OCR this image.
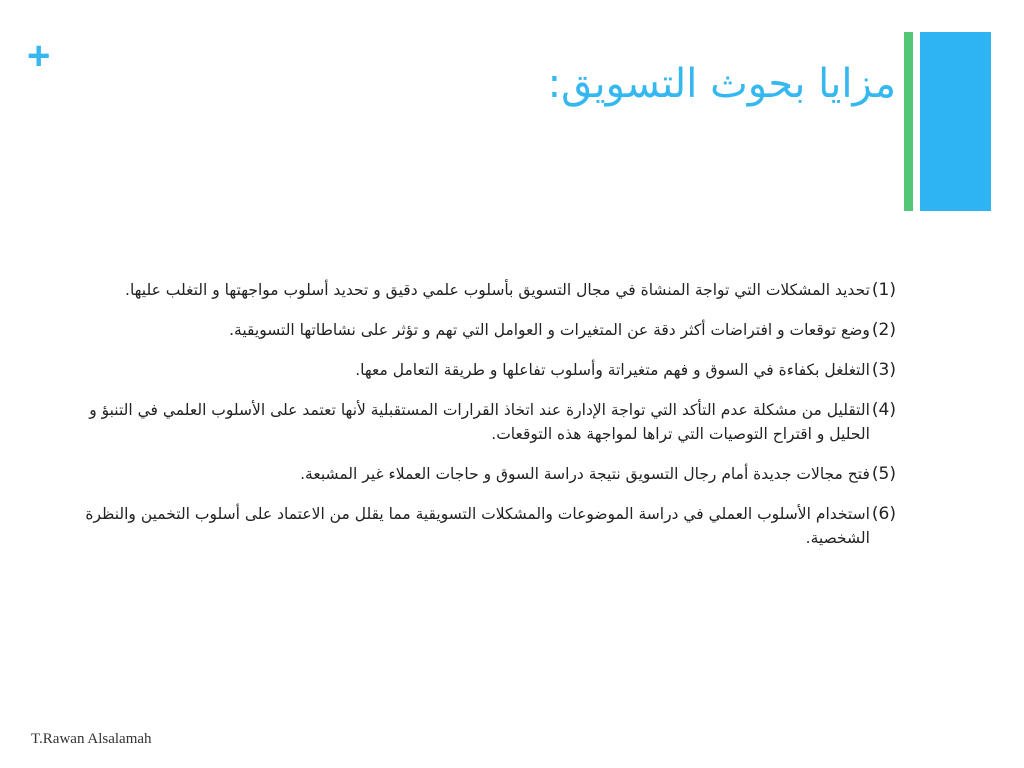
+
مزايا بحوث التسويق:
(1)
تحديد المشكلات التي تواجة المنشاة في مجال التسويق بأسلوب علمي دقيق و تحديد أسلوب مواجهتها و التغلب عليها.
(2)
وضع توقعات و افتراضات أكثر دقة عن المتغيرات و العوامل التي تهم و تؤثر على نشاطاتها التسويقية.
(3)
التغلغل بكفاءة في السوق و فهم متغيراتة وأسلوب تفاعلها و طريقة التعامل معها.
(4)
التقليل من مشكلة عدم التأكد التي تواجة الإدارة عند اتخاذ القرارات المستقبلية لأنها تعتمد على الأسلوب العلمي في التنبؤ و الحليل و اقتراح التوصيات التي تراها لمواجهة هذه التوقعات.
(5)
فتح مجالات جديدة أمام رجال التسويق نتيجة دراسة السوق و حاجات العملاء غير المشبعة.
(6)
استخدام الأسلوب العملي في دراسة الموضوعات والمشكلات التسويقية مما يقلل من الاعتماد على أسلوب التخمين والنظرة الشخصية.
T.Rawan Alsalamah
